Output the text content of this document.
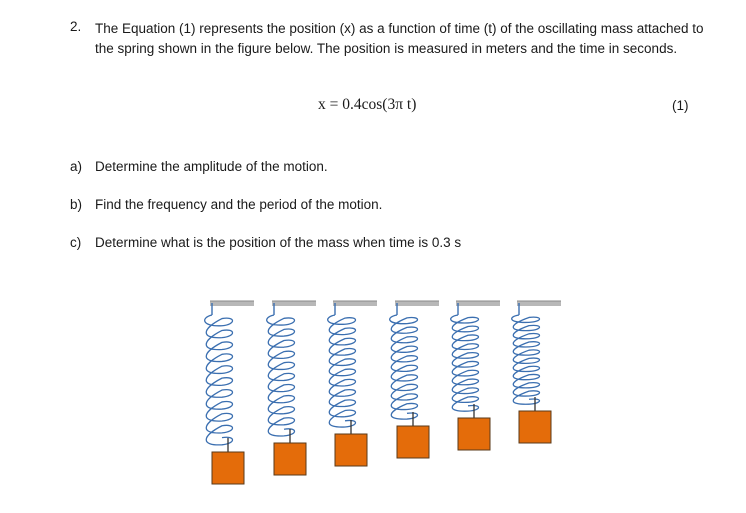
2. The Equation (1) represents the position (x) as a function of time (t) of the oscillating mass attached to the spring shown in the figure below. The position is measured in meters and the time in seconds.
x = 0.4cos(3π t)	(1)
a) Determine the amplitude of the motion.
b) Find the frequency and the period of the motion.
c) Determine what is the position of the mass when time is 0.3 s
